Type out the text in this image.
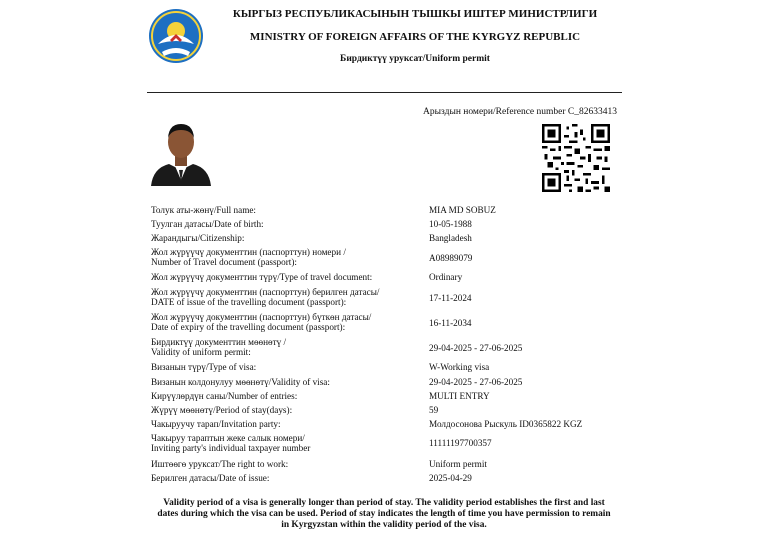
КЫРГЫЗ РЕСПУБЛИКАСЫНЫН ТЫШКЫ ИШТЕР МИНИСТРЛИГИ
MINISTRY OF FOREIGN AFFAIRS OF THE KYRGYZ REPUBLIC
Бирдиктүү уруксат/Uniform permit
Арыздын номери/Reference number C_82633413
Толук аты-жөнү/Full name:	MIA MD SOBUZ
Туулган датасы/Date of birth:	10-05-1988
Жарандыгы/Citizenship:	Bangladesh
Жол жүрүүчү документтин (паспорттун) номери /
Number of Travel document (passport):	A08989079
Жол жүрүүчү документтин түрү/Type of travel document:	Ordinary
Жол жүрүүчү документтин (паспорттун) берилген датасы/
DATE of issue of the travelling document (passport):	17-11-2024
Жол жүрүүчү документтин (паспорттун) бүткөн датасы/
Date of expiry of the travelling document (passport):	16-11-2034
Бирдиктүү документтин мөөнөтү /
Validity of uniform permit:	29-04-2025 - 27-06-2025
Визанын түрү/Type of visa:	W-Working visa
Визанын колдонулуу мөөнөтү/Validity of visa:	29-04-2025 - 27-06-2025
Кирүүлөрдүн саны/Number of entries:	MULTI ENTRY
Жүрүү мөөнөтү/Period of stay(days):	59
Чакыруучу тарап/Invitation party:	Молдосонова Рыскуль ID0365822 KGZ
Чакыруу тараптын жеке салык номери/
Inviting party's individual taxpayer number	11111197700357
Иштөөгө уруксат/The right to work:	Uniform permit
Берилген датасы/Date of issue:	2025-04-29
Validity period of a visa is generally longer than period of stay. The validity period establishes the first and last
dates during which the visa can be used. Period of stay indicates the length of time you have permission to remain
in Kyrgyzstan within the validity period of the visa.
